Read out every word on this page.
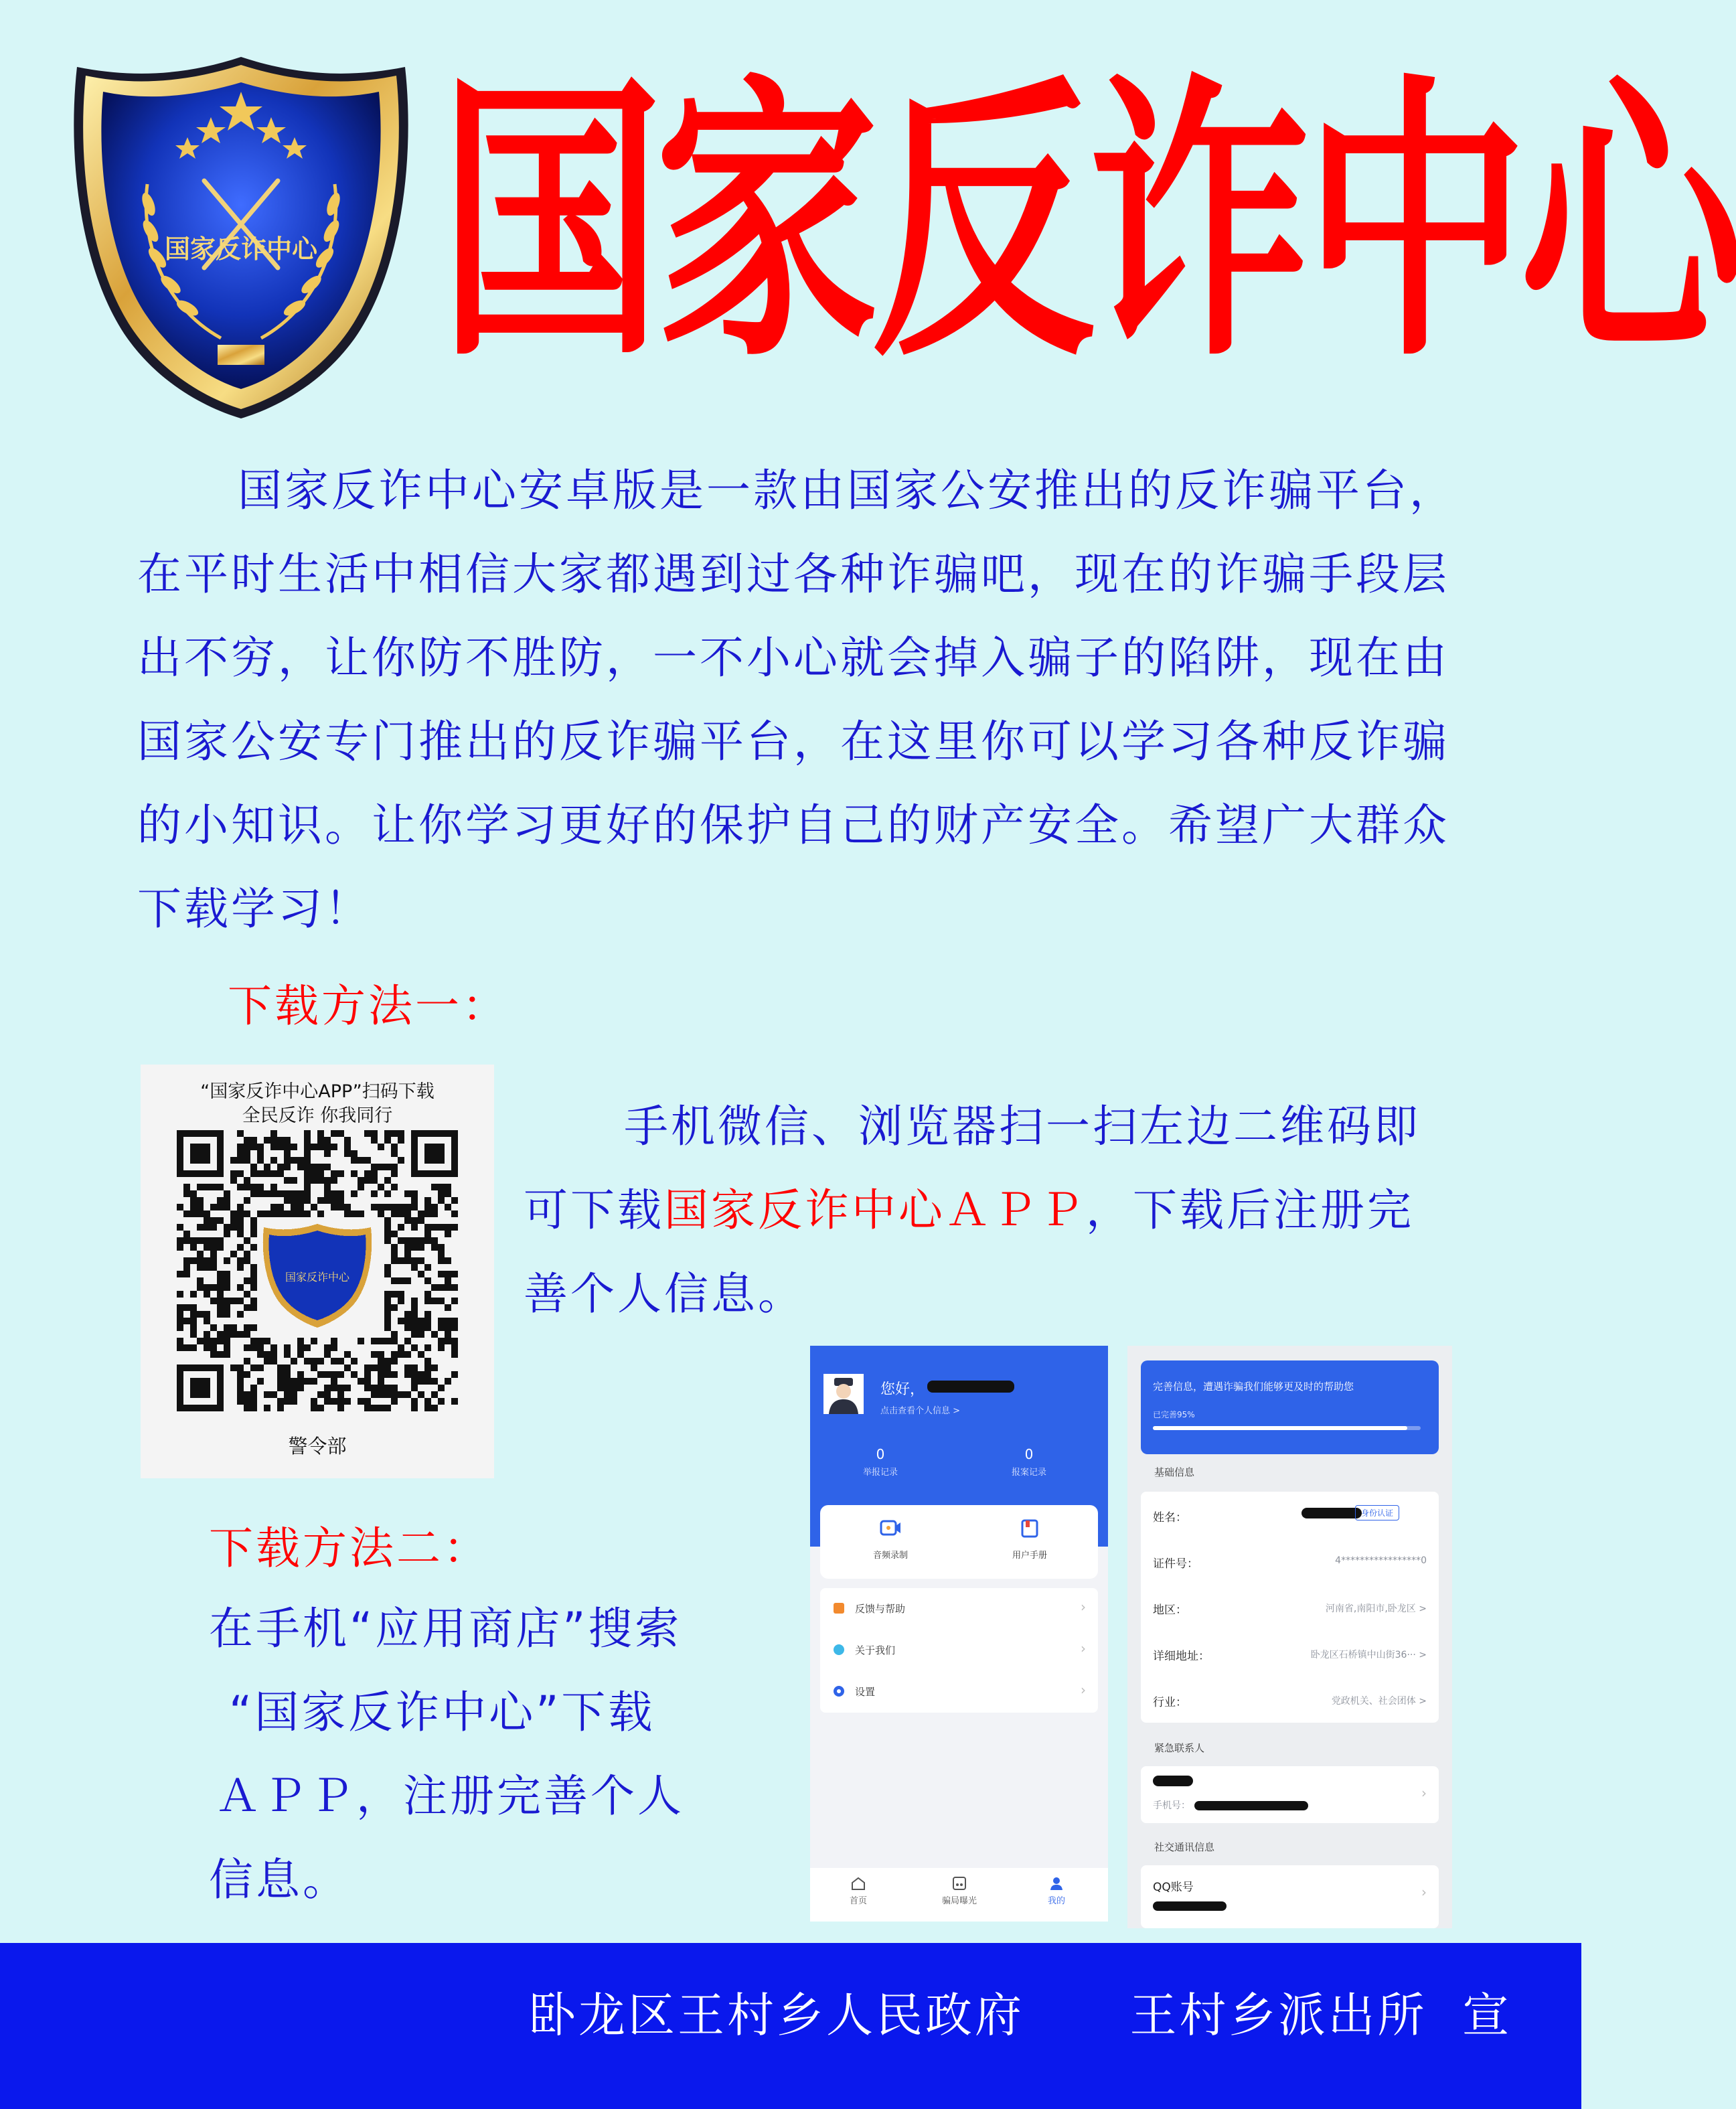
国家反诈中心 国家反诈中心
国家反诈中心安卓版是一款由国家公安推出的反诈骗平台，在平时生活中相信大家都遇到过各种诈骗吧，现在的诈骗手段层出不穷，让你防不胜防，一不小心就会掉入骗子的陷阱，现在由国家公安专门推出的反诈骗平台，在这里你可以学习各种反诈骗的小知识。让你学习更好的保护自己的财产安全。希望广大群众下载学习！
下载方法一：
“国家反诈中心APP”扫码下载
全民反诈 你我同行
国家反诈中心
警令部
手机微信、浏览器扫一扫左边二维码即可下载国家反诈中心ＡＰＰ，下载后注册完善个人信息。
下载方法二：
在手机“应用商店”搜索
“国家反诈中心”下载
ＡＰＰ，注册完善个人
信息。
您好，
点击查看个人信息 >
0
举报记录
0
报案记录
音频录制	用户手册
反馈与帮助	›
关于我们	›
设置	›
首页	骗局曝光	我的
完善信息，遭遇诈骗我们能够更及时的帮助您
已完善95%
基础信息
姓名：	身份认证
证件号：	4*****************0
地区：	河南省,南阳市,卧龙区 >
详细地址：	卧龙区石桥镇中山街36··· >
行业：	党政机关、社会团体 >
紧急联系人
手机号：
›
社交通讯信息
QQ账号	›
卧龙区王村乡人民政府 王村乡派出所 宣
